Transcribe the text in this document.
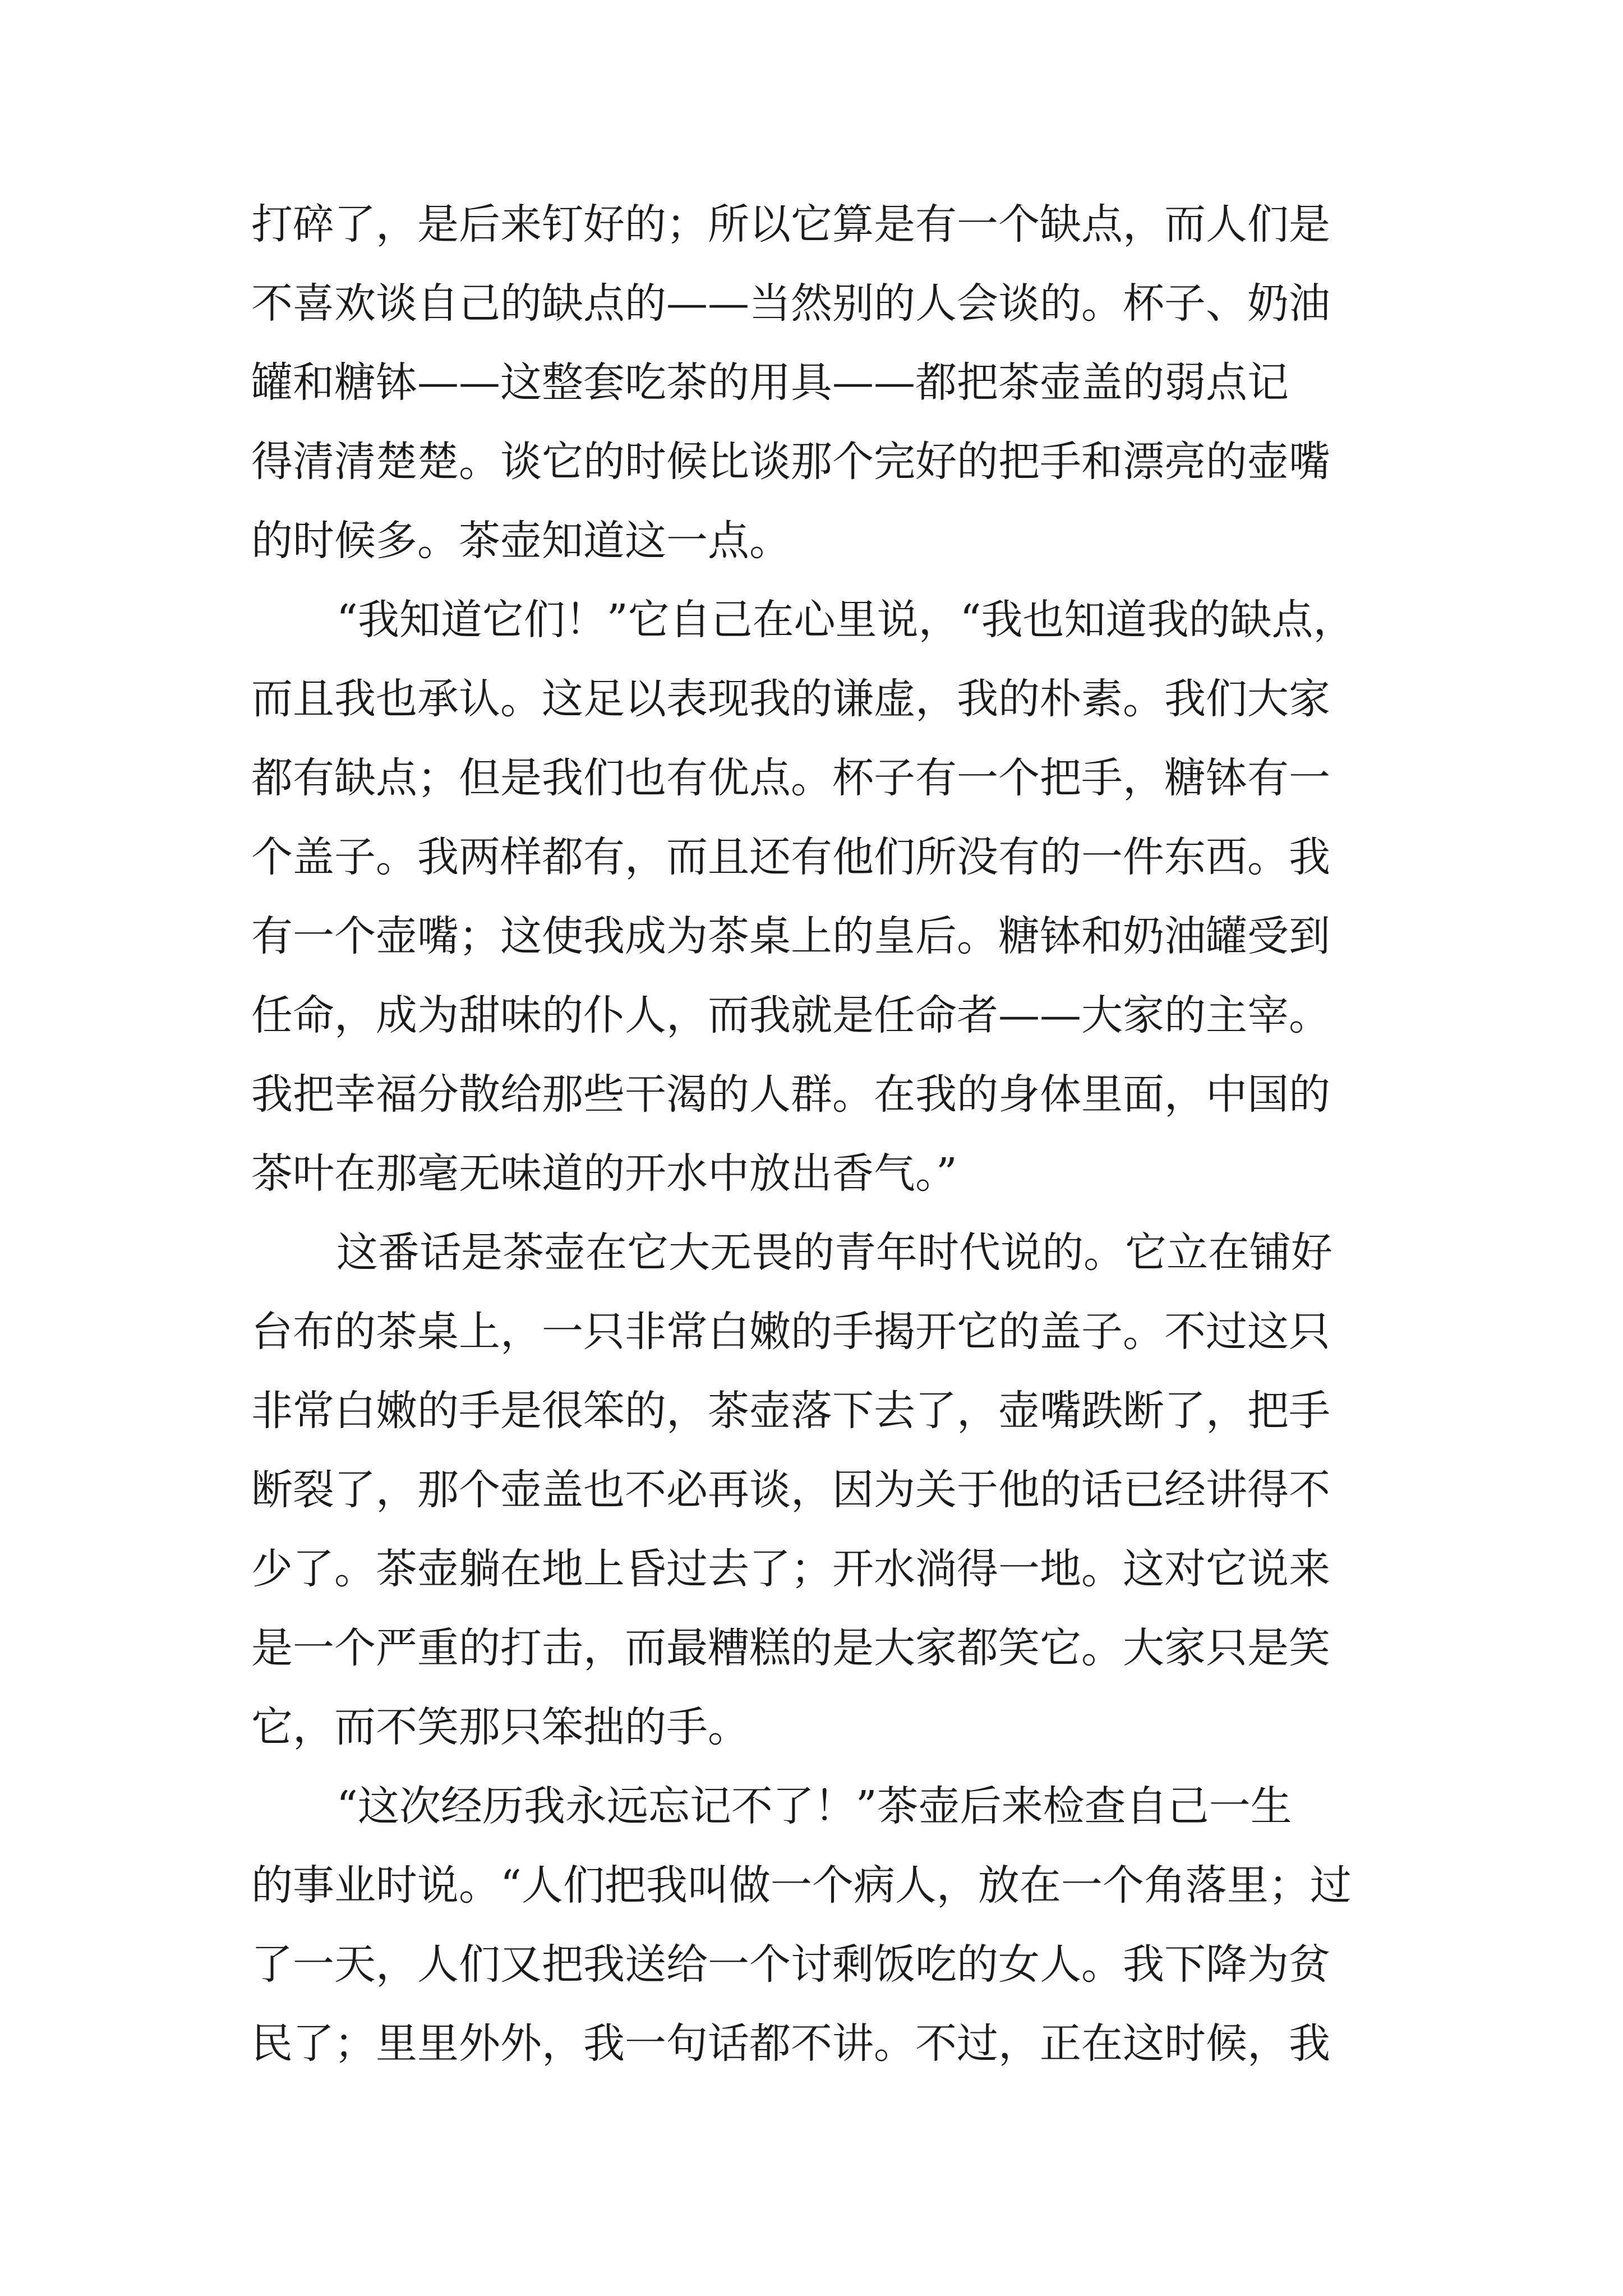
打碎了，是后来钉好的；所以它算是有一个缺点，而人们是
不喜欢谈自己的缺点的——当然别的人会谈的。杯子、奶油
罐和糖钵——这整套吃茶的用具——都把茶壶盖的弱点记
得清清楚楚。谈它的时候比谈那个完好的把手和漂亮的壶嘴
的时候多。茶壶知道这一点。
“我知道它们！”它自己在心里说，“我也知道我的缺点，
而且我也承认。这足以表现我的谦虚，我的朴素。我们大家
都有缺点；但是我们也有优点。杯子有一个把手，糖钵有一
个盖子。我两样都有，而且还有他们所没有的一件东西。我
有一个壶嘴；这使我成为茶桌上的皇后。糖钵和奶油罐受到
任命，成为甜味的仆人，而我就是任命者——大家的主宰。
我把幸福分散给那些干渴的人群。在我的身体里面，中国的
茶叶在那毫无味道的开水中放出香气。”
这番话是茶壶在它大无畏的青年时代说的。它立在铺好
台布的茶桌上，一只非常白嫩的手揭开它的盖子。不过这只
非常白嫩的手是很笨的，茶壶落下去了，壶嘴跌断了，把手
断裂了，那个壶盖也不必再谈，因为关于他的话已经讲得不
少了。茶壶躺在地上昏过去了；开水淌得一地。这对它说来
是一个严重的打击，而最糟糕的是大家都笑它。大家只是笑
它，而不笑那只笨拙的手。
“这次经历我永远忘记不了！”茶壶后来检查自己一生
的事业时说。“人们把我叫做一个病人，放在一个角落里；过
了一天，人们又把我送给一个讨剩饭吃的女人。我下降为贫
民了；里里外外，我一句话都不讲。不过，正在这时候，我
